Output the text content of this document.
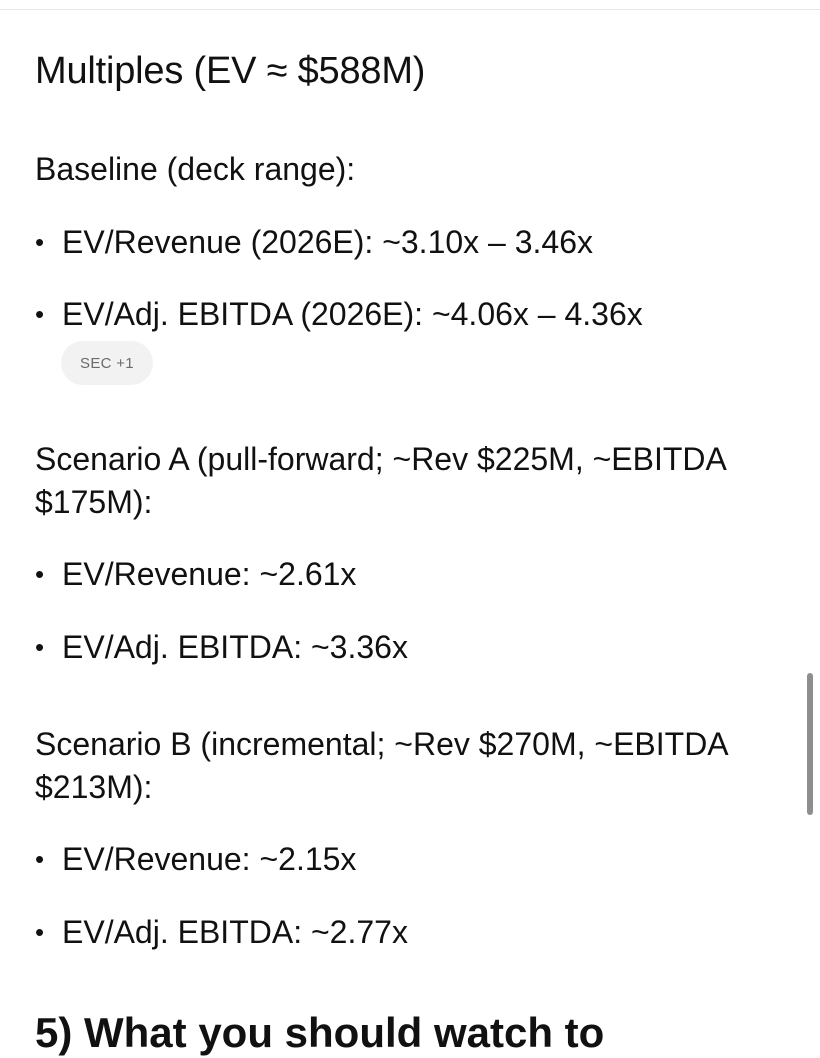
Multiples (EV ≈ $588M)

Baseline (deck range):

• EV/Revenue (2026E): ~3.10x – 3.46x
• EV/Adj. EBITDA (2026E): ~4.06x – 4.36x
SEC +1

Scenario A (pull-forward; ~Rev $225M, ~EBITDA $175M):

• EV/Revenue: ~2.61x
• EV/Adj. EBITDA: ~3.36x

Scenario B (incremental; ~Rev $270M, ~EBITDA $213M):

• EV/Revenue: ~2.15x
• EV/Adj. EBITDA: ~2.77x
5) What you should watch to
